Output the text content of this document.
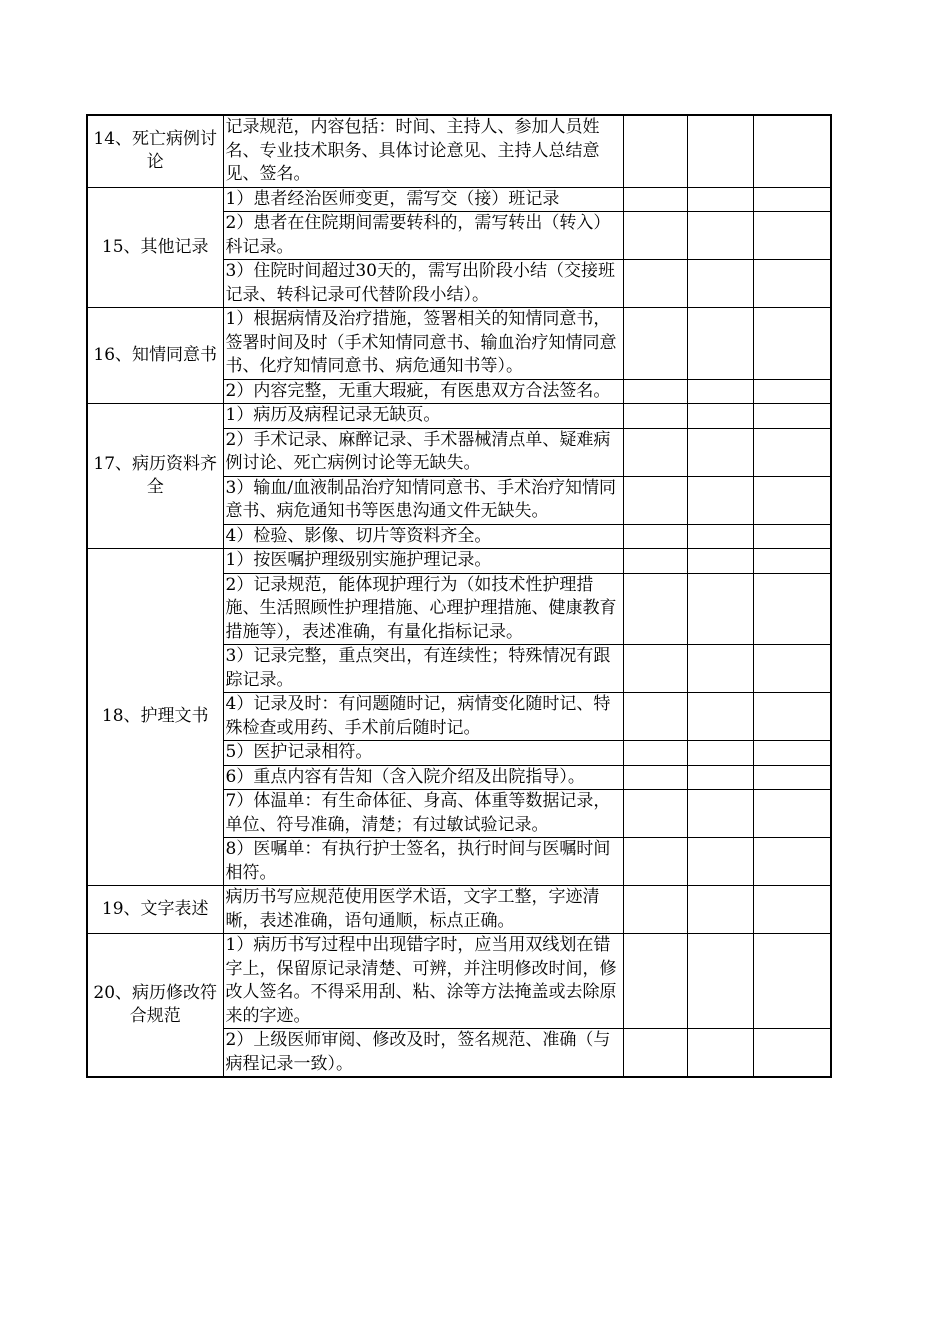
14、死亡病例讨论	记录规范，内容包括：时间、主持人、参加人员姓名、专业技术职务、具体讨论意见、主持人总结意见、签名。			
15、其他记录	1）患者经治医师变更，需写交（接）班记录			
	2）患者在住院期间需要转科的，需写转出（转入）科记录。			
	3）住院时间超过30天的，需写出阶段小结（交接班记录、转科记录可代替阶段小结）。			
16、知情同意书	1）根据病情及治疗措施，签署相关的知情同意书，签署时间及时（手术知情同意书、输血治疗知情同意书、化疗知情同意书、病危通知书等）。			
	2）内容完整，无重大瑕疵，有医患双方合法签名。			
17、病历资料齐全	1）病历及病程记录无缺页。			
	2）手术记录、麻醉记录、手术器械清点单、疑难病例讨论、死亡病例讨论等无缺失。			
	3）输血/血液制品治疗知情同意书、手术治疗知情同意书、病危通知书等医患沟通文件无缺失。			
	4）检验、影像、切片等资料齐全。			
18、护理文书	1）按医嘱护理级别实施护理记录。			
	2）记录规范，能体现护理行为（如技术性护理措施、生活照顾性护理措施、心理护理措施、健康教育措施等），表述准确，有量化指标记录。			
	3）记录完整，重点突出，有连续性；特殊情况有跟踪记录。			
	4）记录及时：有问题随时记，病情变化随时记、特殊检查或用药、手术前后随时记。			
	5）医护记录相符。			
	6）重点内容有告知（含入院介绍及出院指导）。			
	7）体温单：有生命体征、身高、体重等数据记录，单位、符号准确，清楚；有过敏试验记录。			
	8）医嘱单：有执行护士签名，执行时间与医嘱时间相符。			
19、文字表述	病历书写应规范使用医学术语，文字工整，字迹清晰，表述准确，语句通顺，标点正确。			
20、病历修改符合规范	1）病历书写过程中出现错字时，应当用双线划在错字上，保留原记录清楚、可辨，并注明修改时间，修改人签名。不得采用刮、粘、涂等方法掩盖或去除原来的字迹。			
	2）上级医师审阅、修改及时，签名规范、准确（与病程记录一致）。			
